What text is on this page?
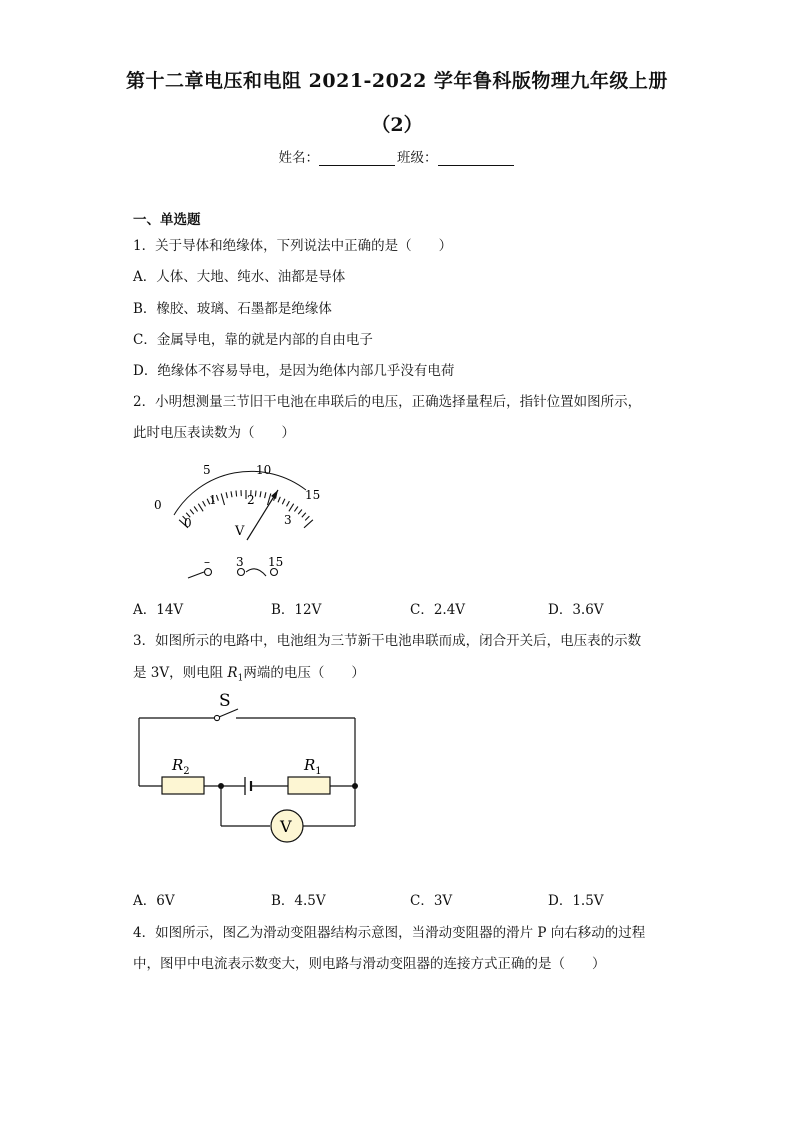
第十二章电压和电阻 2021-2022 学年鲁科版物理九年级上册
（2）
姓名：	班级：
一、单选题
1．关于导体和绝缘体，下列说法中正确的是（　　）
A．人体、大地、纯水、油都是导体
B．橡胶、玻璃、石墨都是绝缘体
C．金属导电，靠的就是内部的自由电子
D．绝缘体不容易导电，是因为绝体内部几乎没有电荷
2．小明想测量三节旧干电池在串联后的电压，正确选择量程后，指针位置如图所示，
此时电压表读数为（　　）
0
5	10
15
0
1	2
3
V
– 3 15
A．14V	B．12V	C．2.4V	D．3.6V
3．如图所示的电路中，电池组为三节新干电池串联而成，闭合开关后，电压表的示数
是 3V，则电阻 $R_1$两端的电压（　　）
S
$R_2$	$R_1$
V
A．6V	B．4.5V	C．3V	D．1.5V
4．如图所示，图乙为滑动变阻器结构示意图，当滑动变阻器的滑片 P 向右移动的过程
中，图甲中电流表示数变大，则电路与滑动变阻器的连接方式正确的是（　　）
